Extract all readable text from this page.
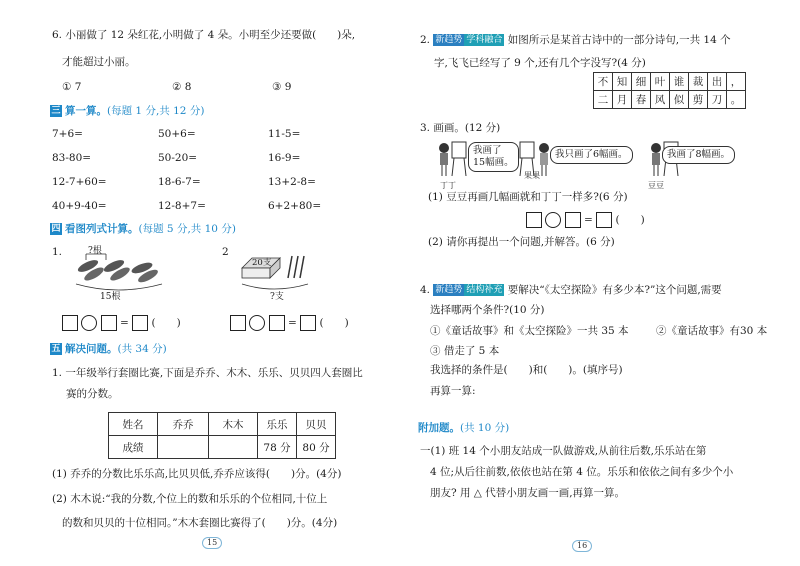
6. 小丽做了 12 朵红花,小明做了 4 朵。小明至少还要做(　　)朵,
才能超过小丽。
① 7	② 8	③ 9
三 算一算。(每题 1 分,共 12 分)
7+6=	50+6=	11-5=
83-80=	50-20=	16-9=
12-7+60=	18-6-7=	13+2-8=
40+9-40=	12-8+7=	6+2+80=
四 看图列式计算。(每题 5 分,共 10 分)
1.	?根
15根
2
20支
?支
=  (　　)	=  (　　)
五 解决问题。(共 34 分)
1. 一年级举行套圈比赛,下面是乔乔、木木、乐乐、贝贝四人套圈比
赛的分数。
姓名	乔乔	木木	乐乐	贝贝
成绩			78 分	80 分
(1) 乔乔的分数比乐乐高,比贝贝低,乔乔应该得(　　)分。(4分)
(2) 木木说:“我的分数,个位上的数和乐乐的个位相同,十位上
的数和贝贝的十位相同。”木木套圈比赛得了(　　)分。(4分)
15
2. 新趋势 学科融合 如图所示是某首古诗中的一部分诗句,一共 14 个
字,飞飞已经写了 9 个,还有几个字没写?(4 分)
不	知	细	叶	谁	裁	出	，
二	月	春	风	似	剪	刀	。
3. 画画。(12 分)
我画了
15幅画。
我只画了6幅画。	我画了8幅画。
丁丁
果果
豆豆
(1) 豆豆再画几幅画就和丁丁一样多?(6 分)
=  (　　)
(2) 请你再提出一个问题,并解答。(6 分)
4. 新趋势 结构补充 要解决“《太空探险》有多少本?”这个问题,需要
选择哪两个条件?(10 分)
①《童话故事》和《太空探险》一共 35 本	②《童话故事》有30 本
③ 借走了 5 本
我选择的条件是(　　)和(　　)。(填序号)
再算一算:
附加题。(共 10 分)
一(1) 班 14 个小朋友站成一队做游戏,从前往后数,乐乐站在第
4 位;从后往前数,依依也站在第 4 位。乐乐和依依之间有多少个小
朋友? 用 △ 代替小朋友画一画,再算一算。
16
